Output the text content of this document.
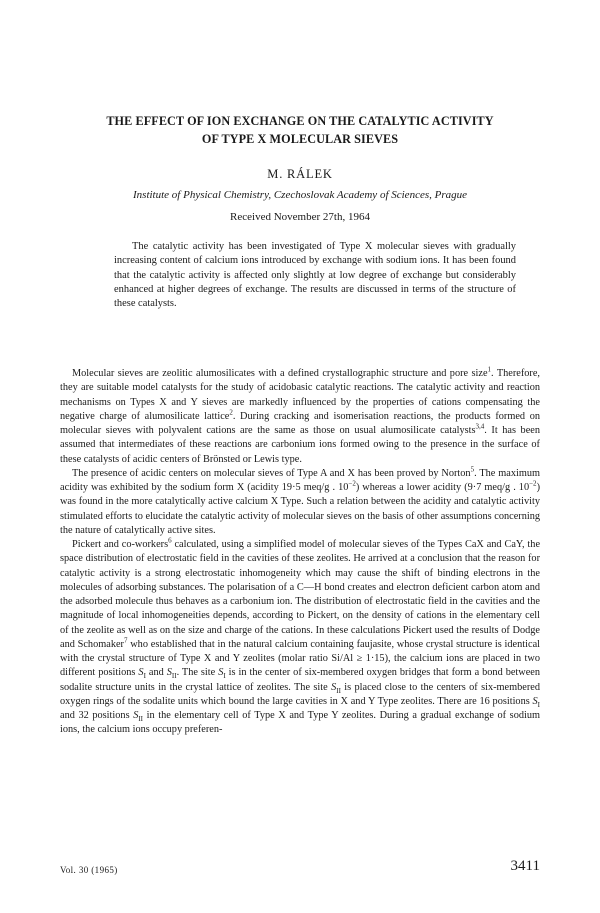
THE EFFECT OF ION EXCHANGE ON THE CATALYTIC ACTIVITY
OF TYPE X MOLECULAR SIEVES
M. RÁLEK
Institute of Physical Chemistry, Czechoslovak Academy of Sciences, Prague
Received November 27th, 1964

The catalytic activity has been investigated of Type X molecular sieves with gradually increasing content of calcium ions introduced by exchange with sodium ions. It has been found that the catalytic activity is affected only slightly at low degree of exchange but considerably enhanced at higher degrees of exchange. The results are discussed in terms of the structure of these catalysts.

Molecular sieves are zeolitic alumosilicates with a defined crystallographic structure and pore size$^1$. Therefore, they are suitable model catalysts for the study of acidobasic catalytic reactions. The catalytic activity and reaction mechanisms on Types X and Y sieves are markedly influenced by the properties of cations compensating the negative charge of alumosilicate lattice$^2$. During cracking and isomerisation reactions, the products formed on molecular sieves with polyvalent cations are the same as those on usual alumosilicate catalysts$^{3,4}$. It has been assumed that intermediates of these reactions are carbonium ions formed owing to the presence in the surface of these catalysts of acidic centers of Brönsted or Lewis type.

The presence of acidic centers on molecular sieves of Type A and X has been proved by Norton$^5$. The maximum acidity was exhibited by the sodium form X (acidity 19·5 meq/g . $10^{-2}$) whereas a lower acidity (9·7 meq/g . $10^{-2}$) was found in the more catalytically active calcium X Type. Such a relation between the acidity and catalytic activity stimulated efforts to elucidate the catalytic activity of molecular sieves on the basis of other assumptions concerning the nature of catalytically active sites.

Pickert and co-workers$^6$ calculated, using a simplified model of molecular sieves of the Types CaX and CaY, the space distribution of electrostatic field in the cavities of these zeolites. He arrived at a conclusion that the reason for catalytic activity is a strong electrostatic inhomogeneity which may cause the shift of binding electrons in the molecules of adsorbing substances. The polarisation of a C—H bond creates and electron deficient carbon atom and the adsorbed molecule thus behaves as a carbonium ion. The distribution of electrostatic field in the cavities and the magnitude of local inhomogeneities depends, according to Pickert, on the density of cations in the elementary cell of the zeolite as well as on the size and charge of the cations. In these calculations Pickert used the results of Dodge and Schomaker$^7$ who established that in the natural calcium containing faujasite, whose crystal structure is identical with the crystal structure of Type X and Y zeolites (molar ratio Si/Al ≥ 1·15), the calcium ions are placed in two different positions $S_I$ and $S_{II}$. The site $S_I$ is in the center of six-membered oxygen bridges that form a bond between sodalite structure units in the crystal lattice of zeolites. The site $S_{II}$ is placed close to the centers of six-membered oxygen rings of the sodalite units which bound the large cavities in X and Y Type zeolites. There are 16 positions $S_I$ and 32 positions $S_{II}$ in the elementary cell of Type X and Type Y zeolites. During a gradual exchange of sodium ions, the calcium ions occupy preferen-

Vol. 30 (1965)	3411
